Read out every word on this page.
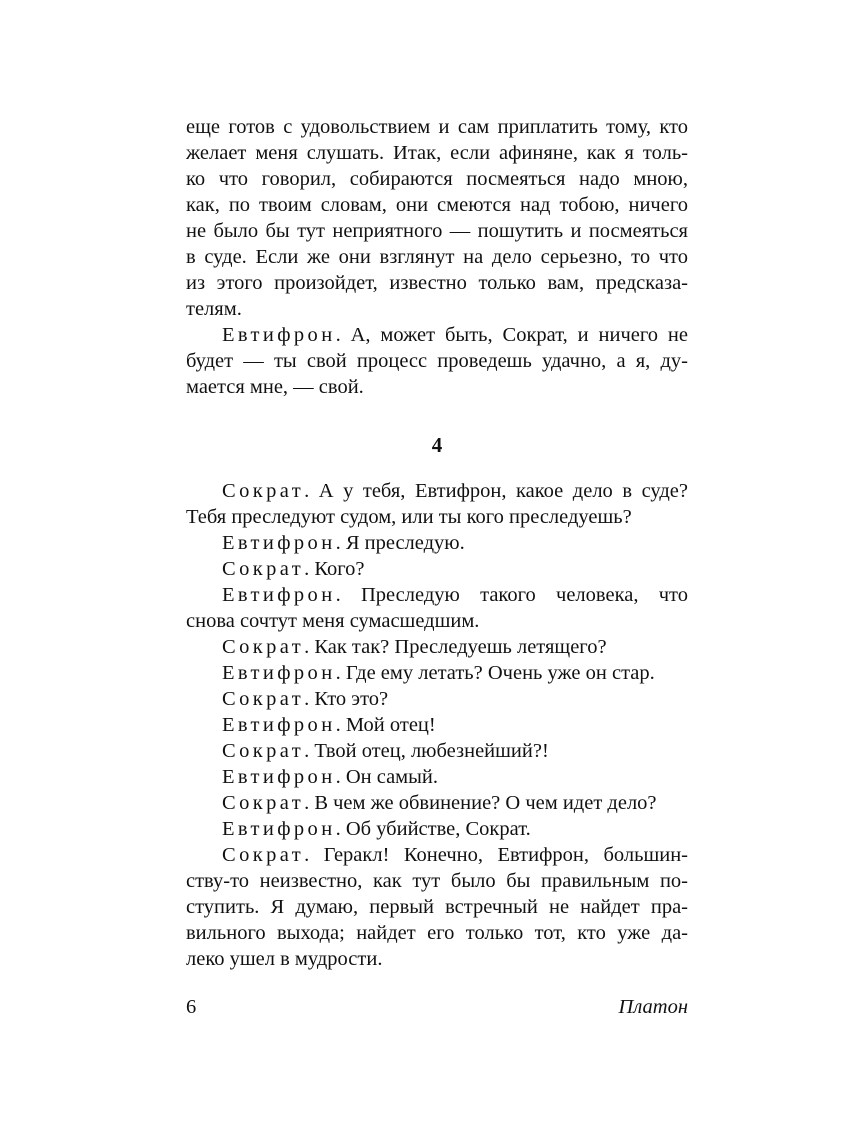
еще готов с удовольствием и сам приплатить тому, кто
желает меня слушать. Итак, если афиняне, как я толь-
ко что говорил, собираются посмеяться надо мною,
как, по твоим словам, они смеются над тобою, ничего
не было бы тут неприятного — пошутить и посмеяться
в суде. Если же они взглянут на дело серьезно, то что
из этого произойдет, известно только вам, предсказа-
телям.
Евтифрон. А, может быть, Сократ, и ничего не
будет — ты свой процесс проведешь удачно, а я, ду-
мается мне, — свой.
4
Сократ. А у тебя, Евтифрон, какое дело в суде?
Тебя преследуют судом, или ты кого преследуешь?
Евтифрон. Я преследую.
Сократ. Кого?
Евтифрон. Преследую такого человека, что
снова сочтут меня сумасшедшим.
Сократ. Как так? Преследуешь летящего?
Евтифрон. Где ему летать? Очень уже он стар.
Сократ. Кто это?
Евтифрон. Мой отец!
Сократ. Твой отец, любезнейший?!
Евтифрон. Он самый.
Сократ. В чем же обвинение? О чем идет дело?
Евтифрон. Об убийстве, Сократ.
Сократ. Геракл! Конечно, Евтифрон, большин-
ству-то неизвестно, как тут было бы правильным по-
ступить. Я думаю, первый встречный не найдет пра-
вильного выхода; найдет его только тот, кто уже да-
леко ушел в мудрости.
6	Платон
